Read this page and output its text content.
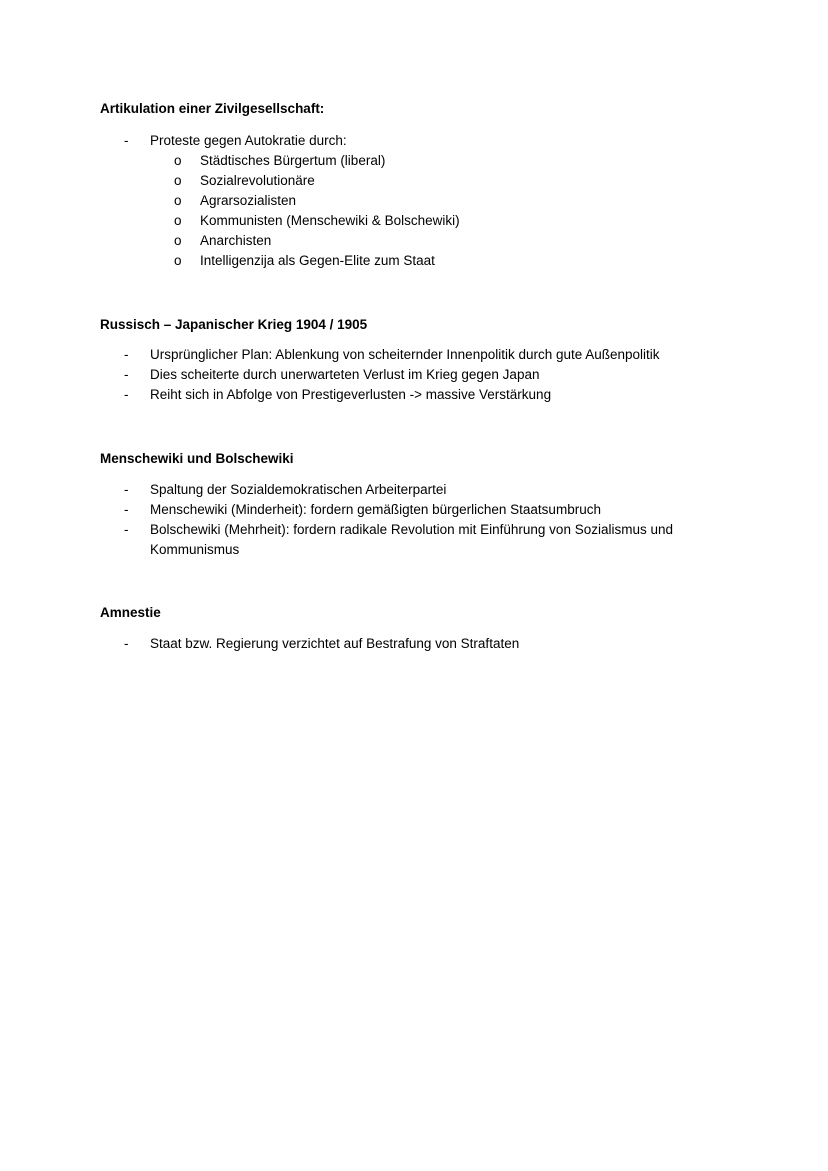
Artikulation einer Zivilgesellschaft:
-	Proteste gegen Autokratie durch:
o	Städtisches Bürgertum (liberal)
o	Sozialrevolutionäre
o	Agrarsozialisten
o	Kommunisten (Menschewiki & Bolschewiki)
o	Anarchisten
o	Intelligenzija als Gegen-Elite zum Staat
Russisch – Japanischer Krieg 1904 / 1905
-	Ursprünglicher Plan: Ablenkung von scheiternder Innenpolitik durch gute Außenpolitik
-	Dies scheiterte durch unerwarteten Verlust im Krieg gegen Japan
-	Reiht sich in Abfolge von Prestigeverlusten -> massive Verstärkung
Menschewiki und Bolschewiki
-	Spaltung der Sozialdemokratischen Arbeiterpartei
-	Menschewiki (Minderheit): fordern gemäßigten bürgerlichen Staatsumbruch
-	Bolschewiki (Mehrheit): fordern radikale Revolution mit Einführung von Sozialismus und
Kommunismus
Amnestie
-	Staat bzw. Regierung verzichtet auf Bestrafung von Straftaten
